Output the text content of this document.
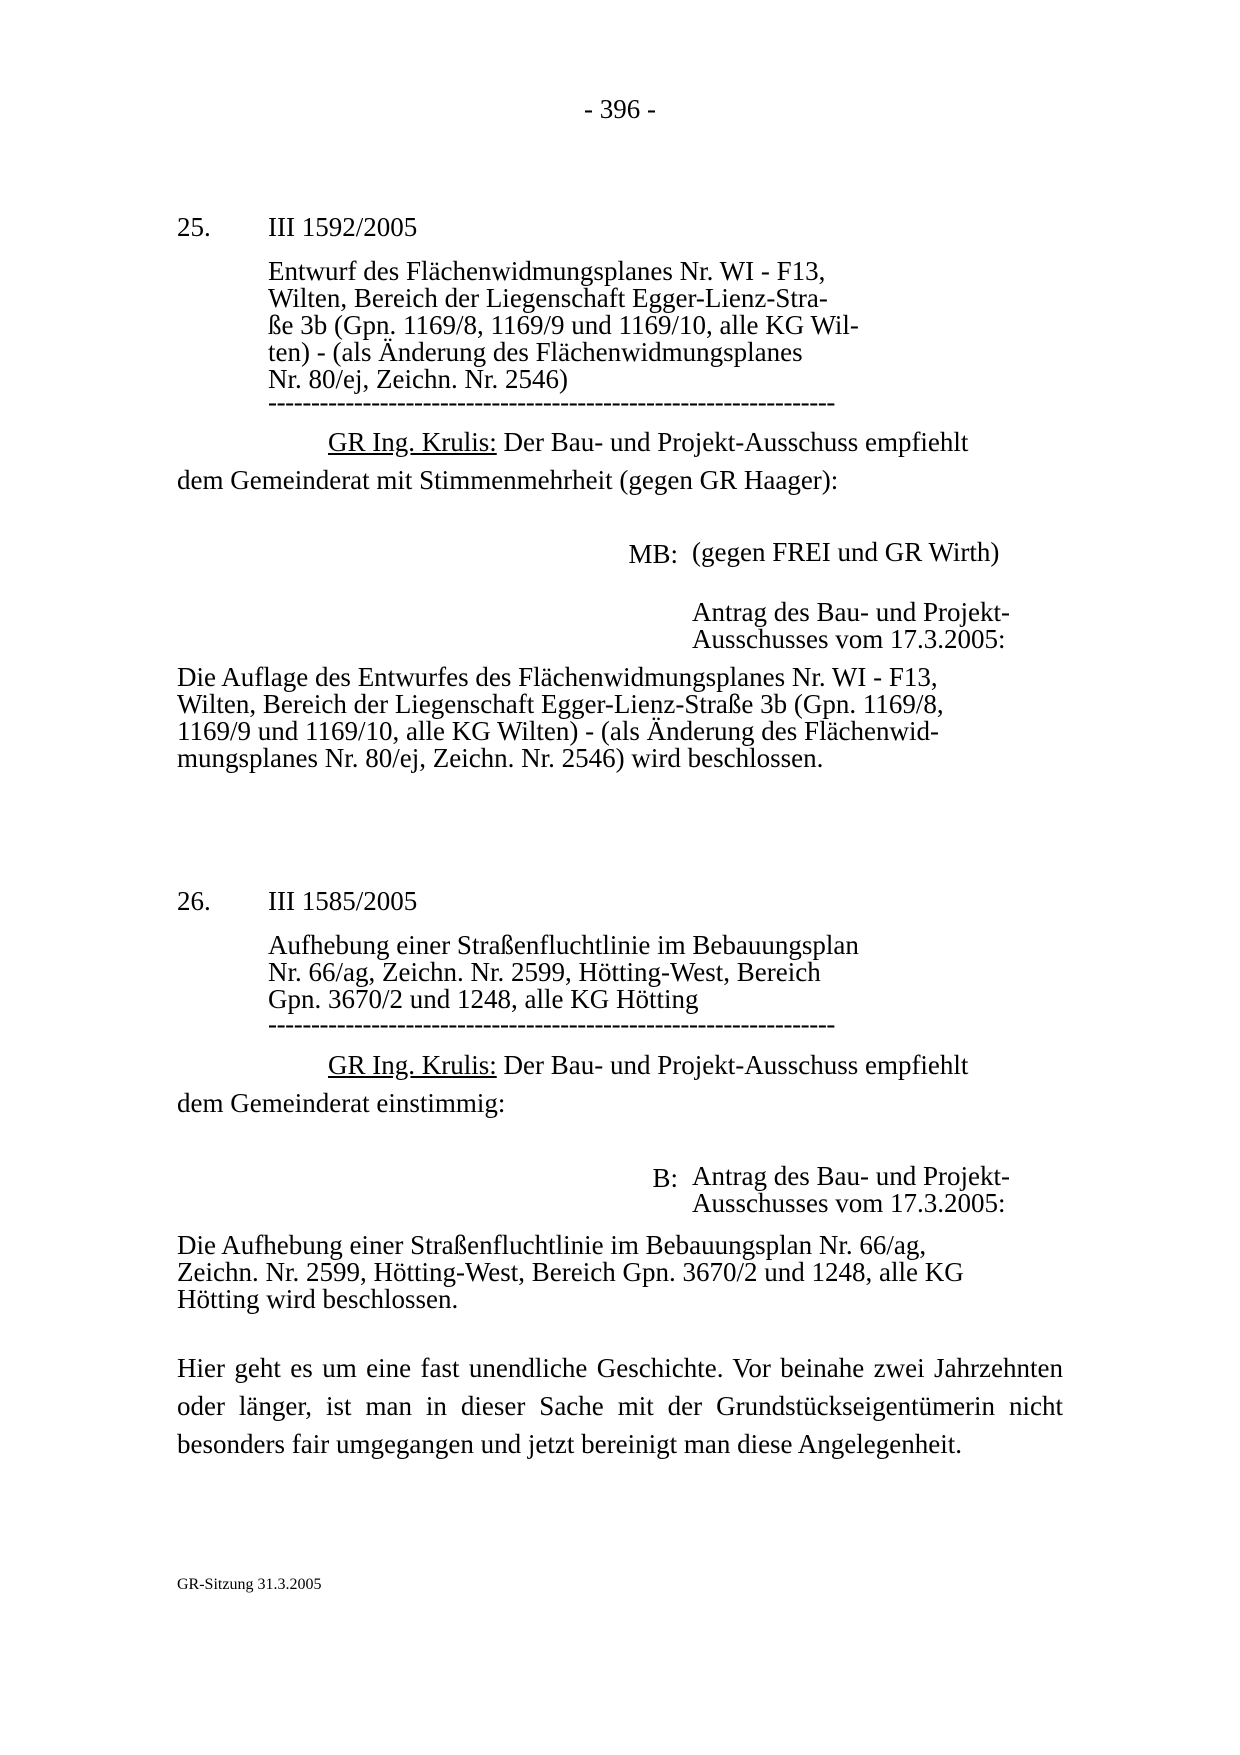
- 396 -
25. III 1592/2005
Entwurf des Flächenwidmungsplanes Nr. WI - F13,
Wilten, Bereich der Liegenschaft Egger-Lienz-Stra-
ße 3b (Gpn. 1169/8, 1169/9 und 1169/10, alle KG Wil-
ten) - (als Änderung des Flächenwidmungsplanes
Nr. 80/ej, Zeichn. Nr. 2546)
------------------------------------------------------------------
GR Ing. Krulis: Der Bau- und Projekt-Ausschuss empfiehlt
dem Gemeinderat mit Stimmenmehrheit (gegen GR Haager):
MB: (gegen FREI und GR Wirth)
Antrag des Bau- und Projekt-
Ausschusses vom 17.3.2005:
Die Auflage des Entwurfes des Flächenwidmungsplanes Nr. WI - F13,
Wilten, Bereich der Liegenschaft Egger-Lienz-Straße 3b (Gpn. 1169/8,
1169/9 und 1169/10, alle KG Wilten) - (als Änderung des Flächenwid-
mungsplanes Nr. 80/ej, Zeichn. Nr. 2546) wird beschlossen.
26. III 1585/2005
Aufhebung einer Straßenfluchtlinie im Bebauungsplan
Nr. 66/ag, Zeichn. Nr. 2599, Hötting-West, Bereich
Gpn. 3670/2 und 1248, alle KG Hötting
------------------------------------------------------------------
GR Ing. Krulis: Der Bau- und Projekt-Ausschuss empfiehlt
dem Gemeinderat einstimmig:
B: Antrag des Bau- und Projekt-
Ausschusses vom 17.3.2005:
Die Aufhebung einer Straßenfluchtlinie im Bebauungsplan Nr. 66/ag,
Zeichn. Nr. 2599, Hötting-West, Bereich Gpn. 3670/2 und 1248, alle KG
Hötting wird beschlossen.
Hier geht es um eine fast unendliche Geschichte. Vor beinahe zwei Jahrzehnten oder länger, ist man in dieser Sache mit der Grundstückseigentümerin nicht besonders fair umgegangen und jetzt bereinigt man diese Angelegenheit.
GR-Sitzung 31.3.2005
